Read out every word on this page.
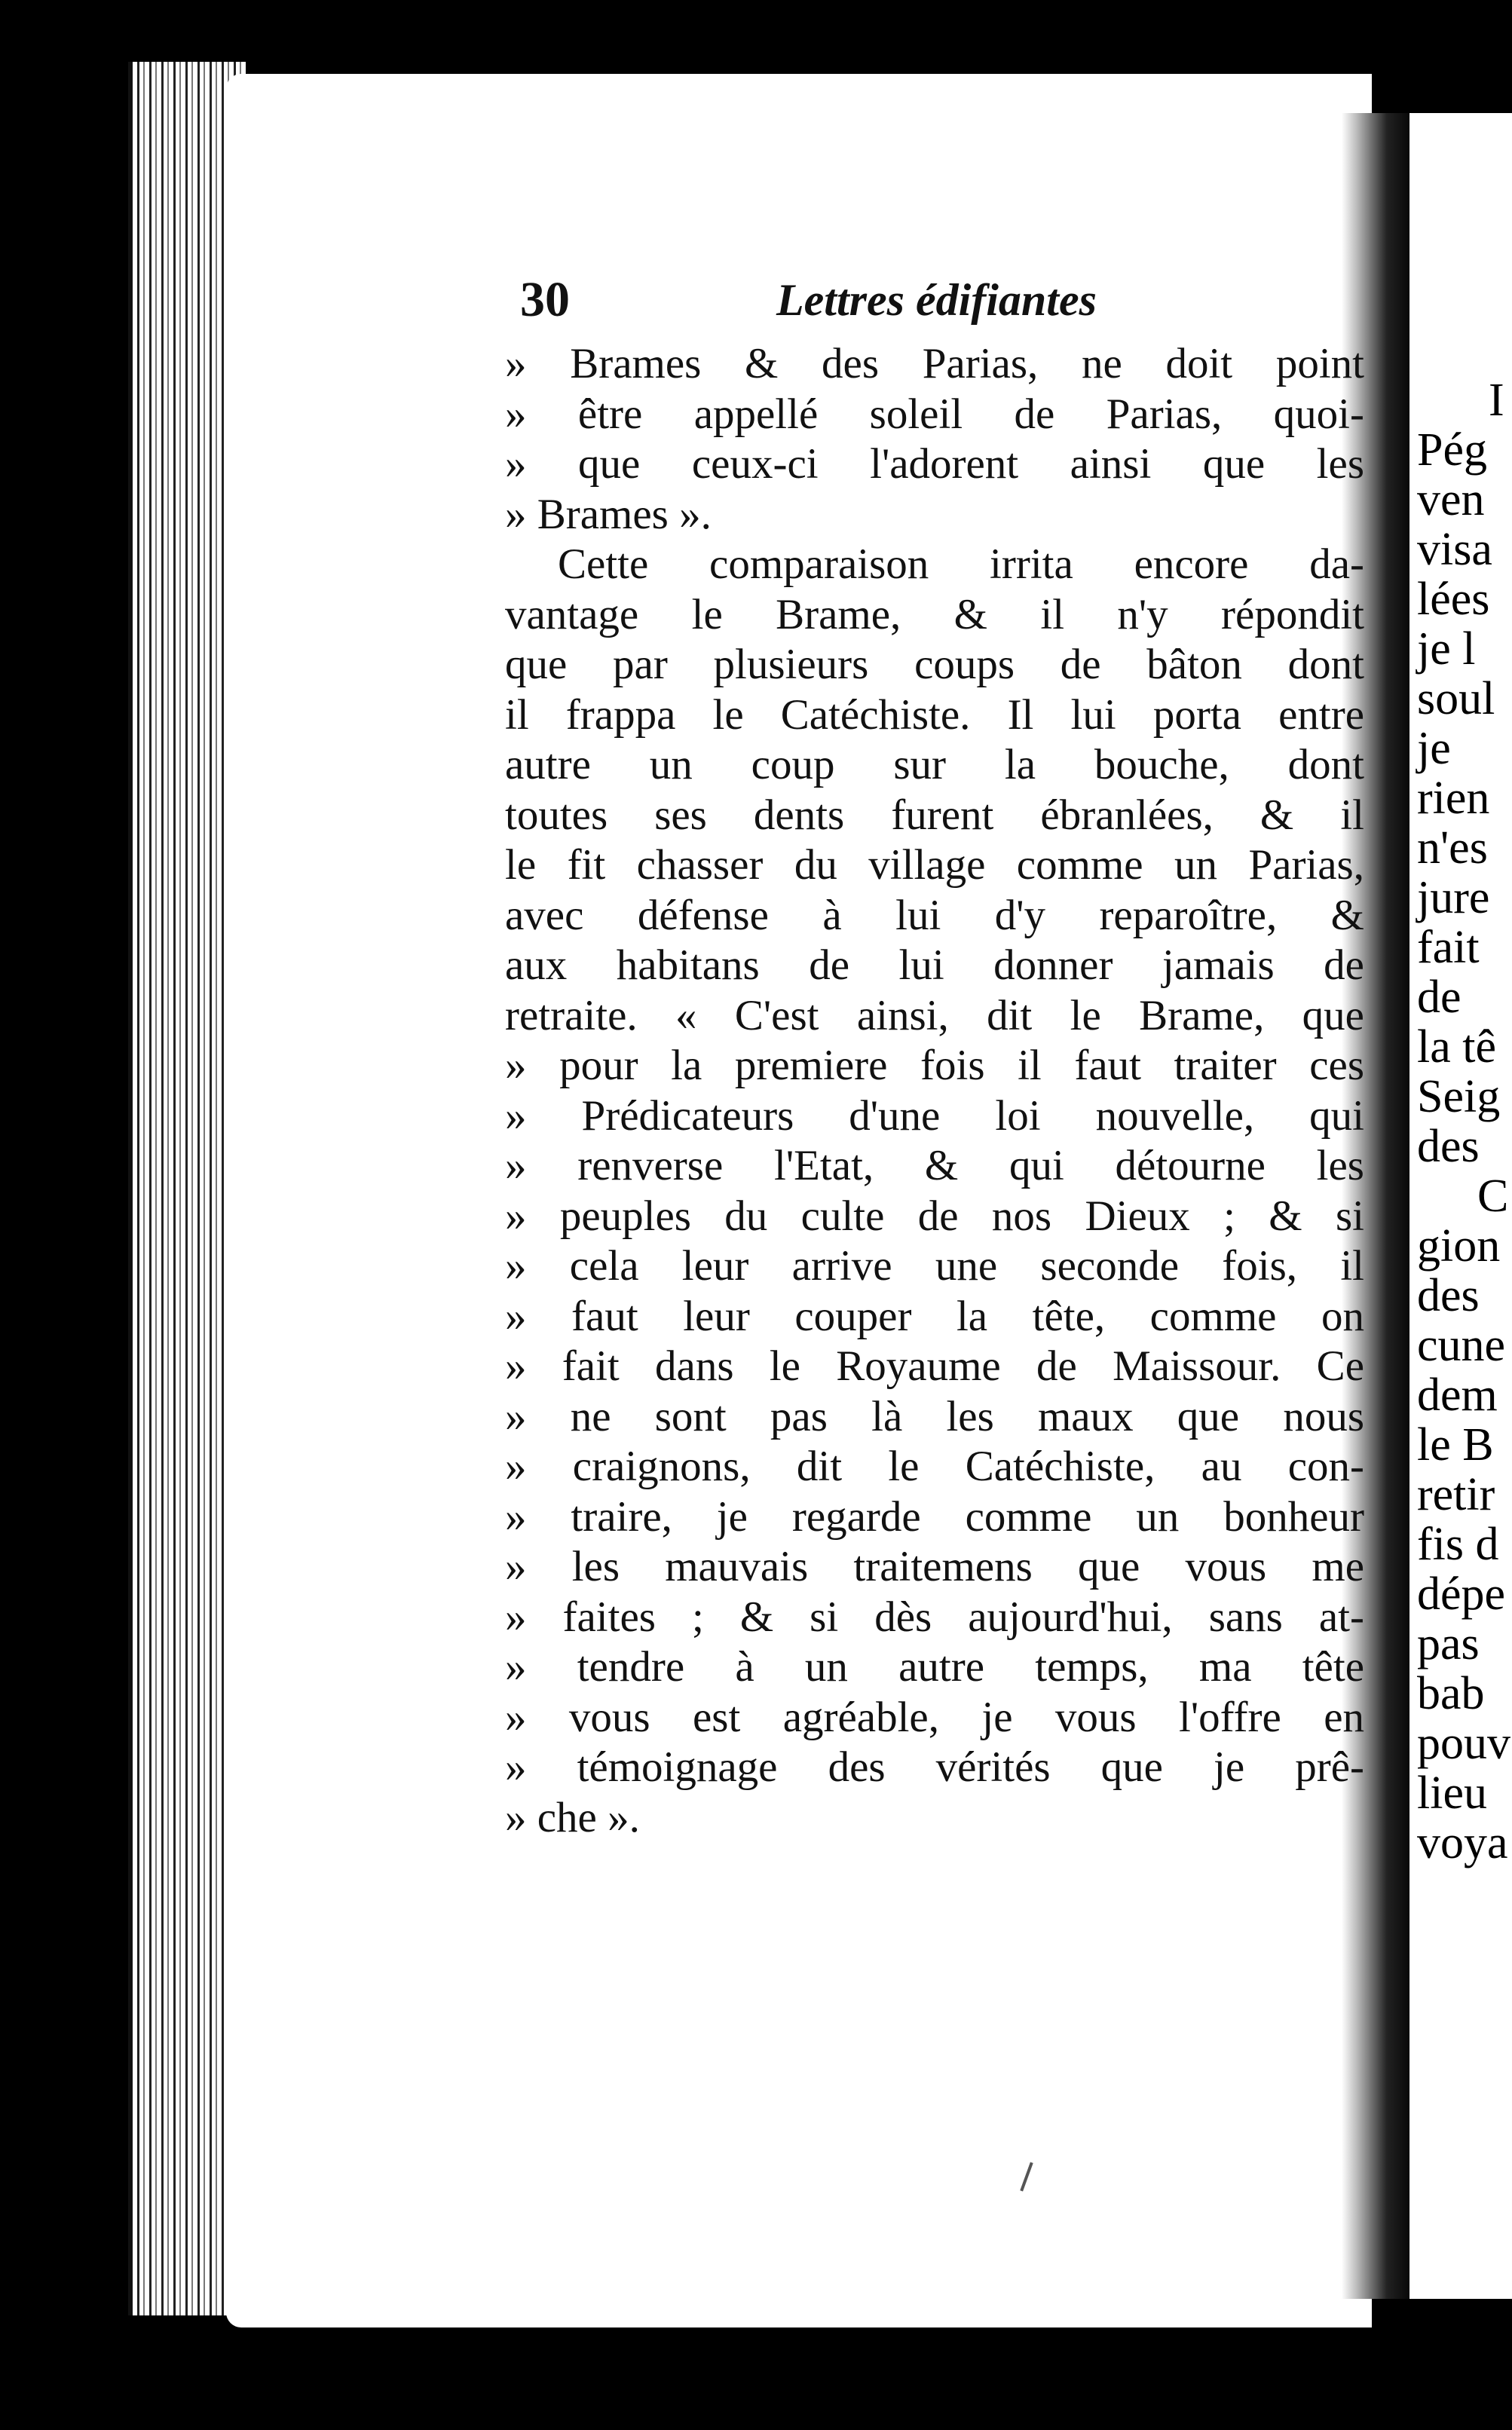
30	Lettres édifiantes
» Brames & des Parias, ne doit point
» être appellé soleil de Parias, quoi-
» que ceux-ci l'adorent ainsi que les
» Brames ».
Cette comparaison irrita encore da-
vantage le Brame, & il n'y répondit
que par plusieurs coups de bâton dont
il frappa le Catéchiste. Il lui porta entre
autre un coup sur la bouche, dont
toutes ses dents furent ébranlées, & il
le fit chasser du village comme un Parias,
avec défense à lui d'y reparoître, &
aux habitans de lui donner jamais de
retraite. « C'est ainsi, dit le Brame, que
» pour la premiere fois il faut traiter ces
» Prédicateurs d'une loi nouvelle, qui
» renverse l'Etat, & qui détourne les
» peuples du culte de nos Dieux ; & si
» cela leur arrive une seconde fois, il
» faut leur couper la tête, comme on
» fait dans le Royaume de Maissour. Ce
» ne sont pas là les maux que nous
» craignons, dit le Catéchiste, au con-
» traire, je regarde comme un bonheur
» les mauvais traitemens que vous me
» faites ; & si dès aujourd'hui, sans at-
» tendre à un autre temps, ma tête
» vous est agréable, je vous l'offre en
» témoignage des vérités que je prê-
» che ».
I
Pég
ven
visa
lées
je l
soul
je
rien
n'es
jure
fait
de
la tê
Seig
des
C
gion
des
cune
dem
le B
retir
fis d
dépe
pas
bab
pouv
lieu
voya
